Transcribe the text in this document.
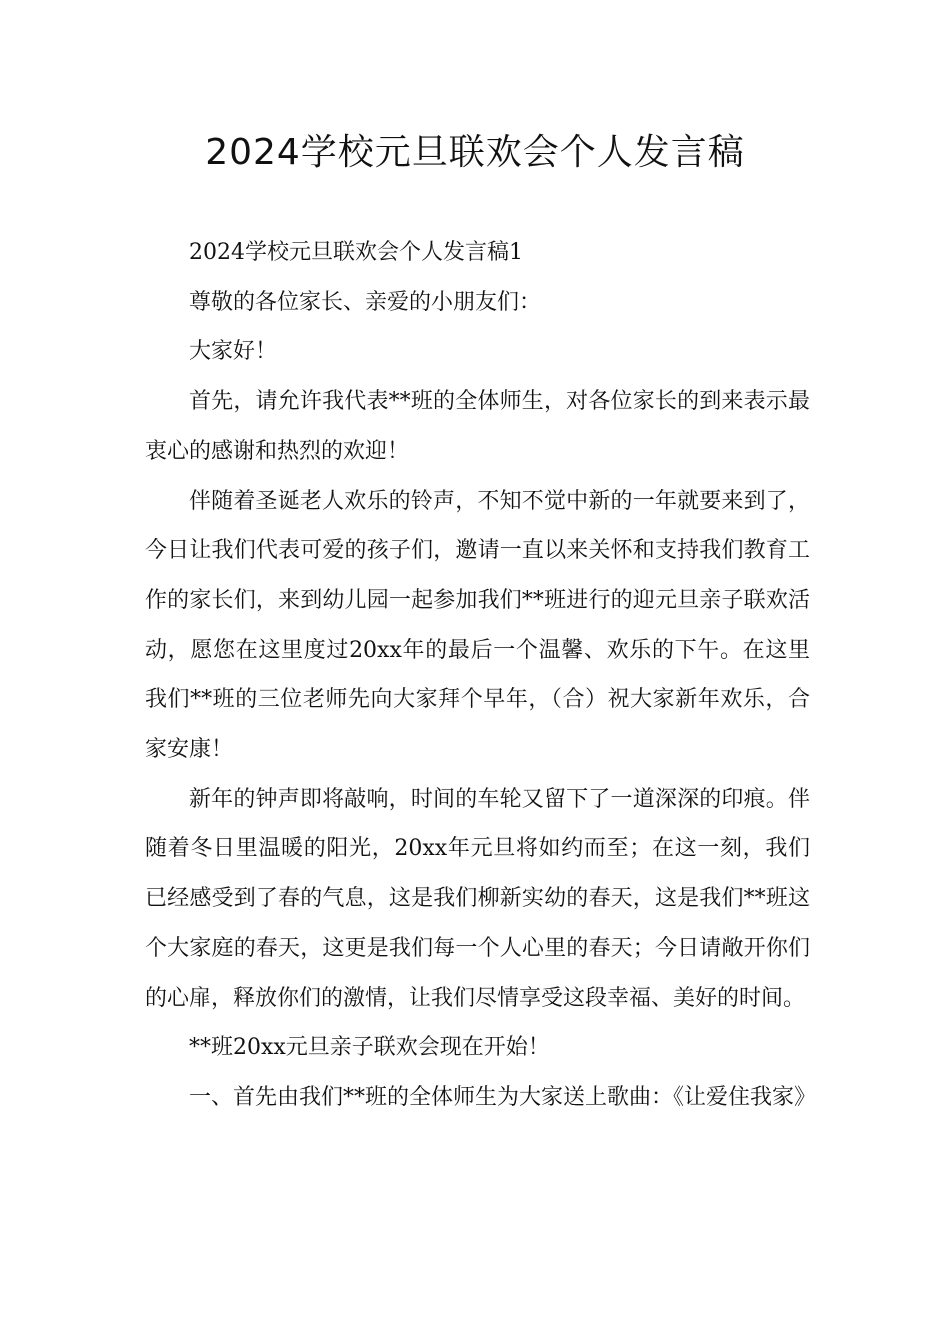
2024学校元旦联欢会个人发言稿

2024学校元旦联欢会个人发言稿1

尊敬的各位家长、亲爱的小朋友们：

大家好！

首先，请允许我代表**班的全体师生，对各位家长的到来表示最衷心的感谢和热烈的欢迎！

伴随着圣诞老人欢乐的铃声，不知不觉中新的一年就要来到了，今日让我们代表可爱的孩子们，邀请一直以来关怀和支持我们教育工作的家长们，来到幼儿园一起参加我们**班进行的迎元旦亲子联欢活动，愿您在这里度过20xx年的最后一个温馨、欢乐的下午。在这里我们**班的三位老师先向大家拜个早年，（合）祝大家新年欢乐，合家安康！

新年的钟声即将敲响，时间的车轮又留下了一道深深的印痕。伴随着冬日里温暖的阳光，20xx年元旦将如约而至；在这一刻，我们已经感受到了春的气息，这是我们柳新实幼的春天，这是我们**班这个大家庭的春天，这更是我们每一个人心里的春天；今日请敞开你们的心扉，释放你们的激情，让我们尽情享受这段幸福、美好的时间。

**班20xx元旦亲子联欢会现在开始！

一、首先由我们**班的全体师生为大家送上歌曲：《让爱住我家》
